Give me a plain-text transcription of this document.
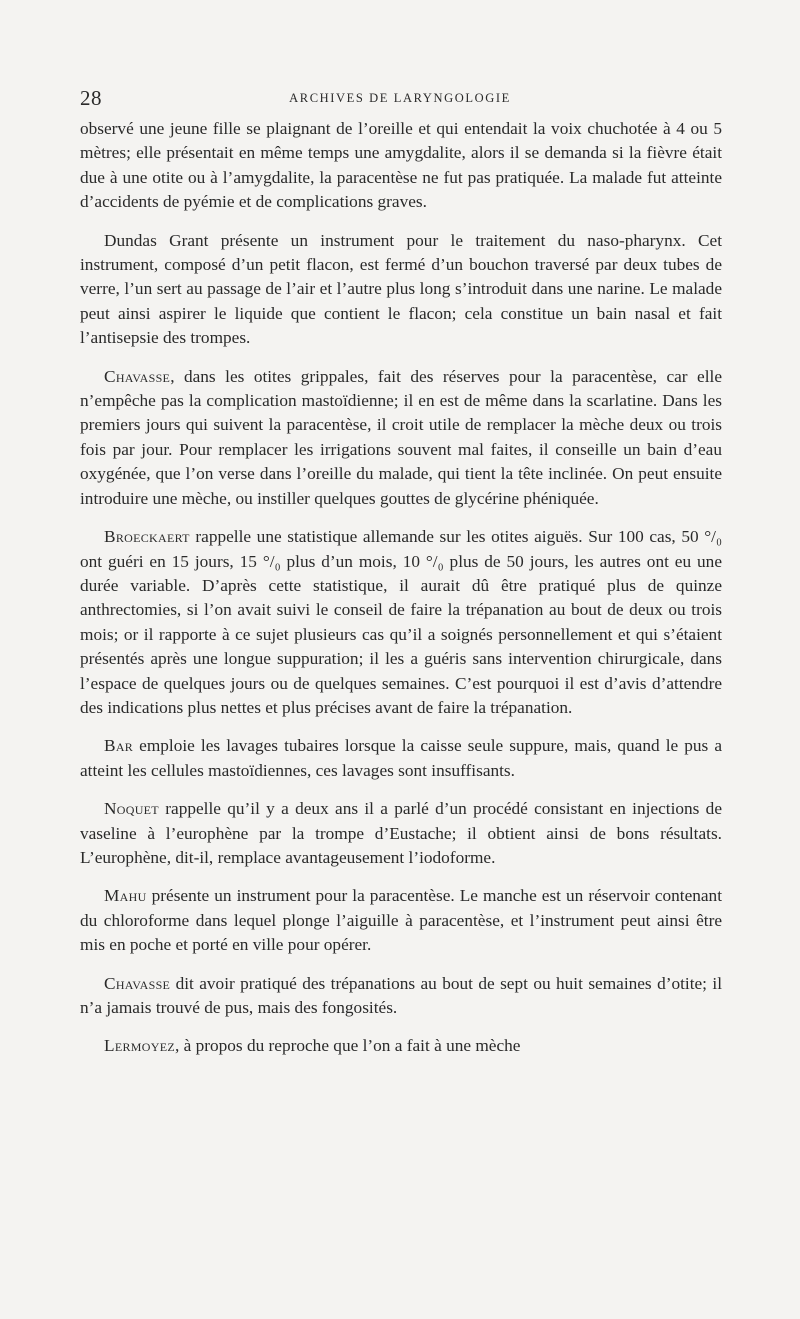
28	ARCHIVES DE LARYNGOLOGIE

observé une jeune fille se plaignant de l’oreille et qui entendait la voix chuchotée à 4 ou 5 mètres; elle présentait en même temps une amygdalite, alors il se demanda si la fièvre était due à une otite ou à l’amygdalite, la paracentèse ne fut pas pratiquée. La malade fut atteinte d’accidents de pyémie et de complications graves.

Dundas Grant présente un instrument pour le traitement du naso-pharynx. Cet instrument, composé d’un petit flacon, est fermé d’un bouchon traversé par deux tubes de verre, l’un sert au passage de l’air et l’autre plus long s’introduit dans une narine. Le malade peut ainsi aspirer le liquide que contient le flacon; cela constitue un bain nasal et fait l’antisepsie des trompes.

Chavasse, dans les otites grippales, fait des réserves pour la paracentèse, car elle n’empêche pas la complication mastoïdienne; il en est de même dans la scarlatine. Dans les premiers jours qui suivent la paracentèse, il croit utile de remplacer la mèche deux ou trois fois par jour. Pour remplacer les irrigations souvent mal faites, il conseille un bain d’eau oxygénée, que l’on verse dans l’oreille du malade, qui tient la tête inclinée. On peut ensuite introduire une mèche, ou instiller quelques gouttes de glycérine phéniquée.

Broeckaert rappelle une statistique allemande sur les otites aiguës. Sur 100 cas, 50 °/₀ ont guéri en 15 jours, 15 °/₀ plus d’un mois, 10 °/₀ plus de 50 jours, les autres ont eu une durée variable. D’après cette statistique, il aurait dû être pratiqué plus de quinze anthrectomies, si l’on avait suivi le conseil de faire la trépanation au bout de deux ou trois mois; or il rapporte à ce sujet plusieurs cas qu’il a soignés personnellement et qui s’étaient présentés après une longue suppuration; il les a guéris sans intervention chirurgicale, dans l’espace de quelques jours ou de quelques semaines. C’est pourquoi il est d’avis d’attendre des indications plus nettes et plus précises avant de faire la trépanation.

Bar emploie les lavages tubaires lorsque la caisse seule suppure, mais, quand le pus a atteint les cellules mastoïdiennes, ces lavages sont insuffisants.

Noquet rappelle qu’il y a deux ans il a parlé d’un procédé consistant en injections de vaseline à l’europhène par la trompe d’Eustache; il obtient ainsi de bons résultats. L’europhène, dit-il, remplace avantageusement l’iodoforme.

Mahu présente un instrument pour la paracentèse. Le manche est un réservoir contenant du chloroforme dans lequel plonge l’aiguille à paracentèse, et l’instrument peut ainsi être mis en poche et porté en ville pour opérer.

Chavasse dit avoir pratiqué des trépanations au bout de sept ou huit semaines d’otite; il n’a jamais trouvé de pus, mais des fongosités.

Lermoyez, à propos du reproche que l’on a fait à une mèche
